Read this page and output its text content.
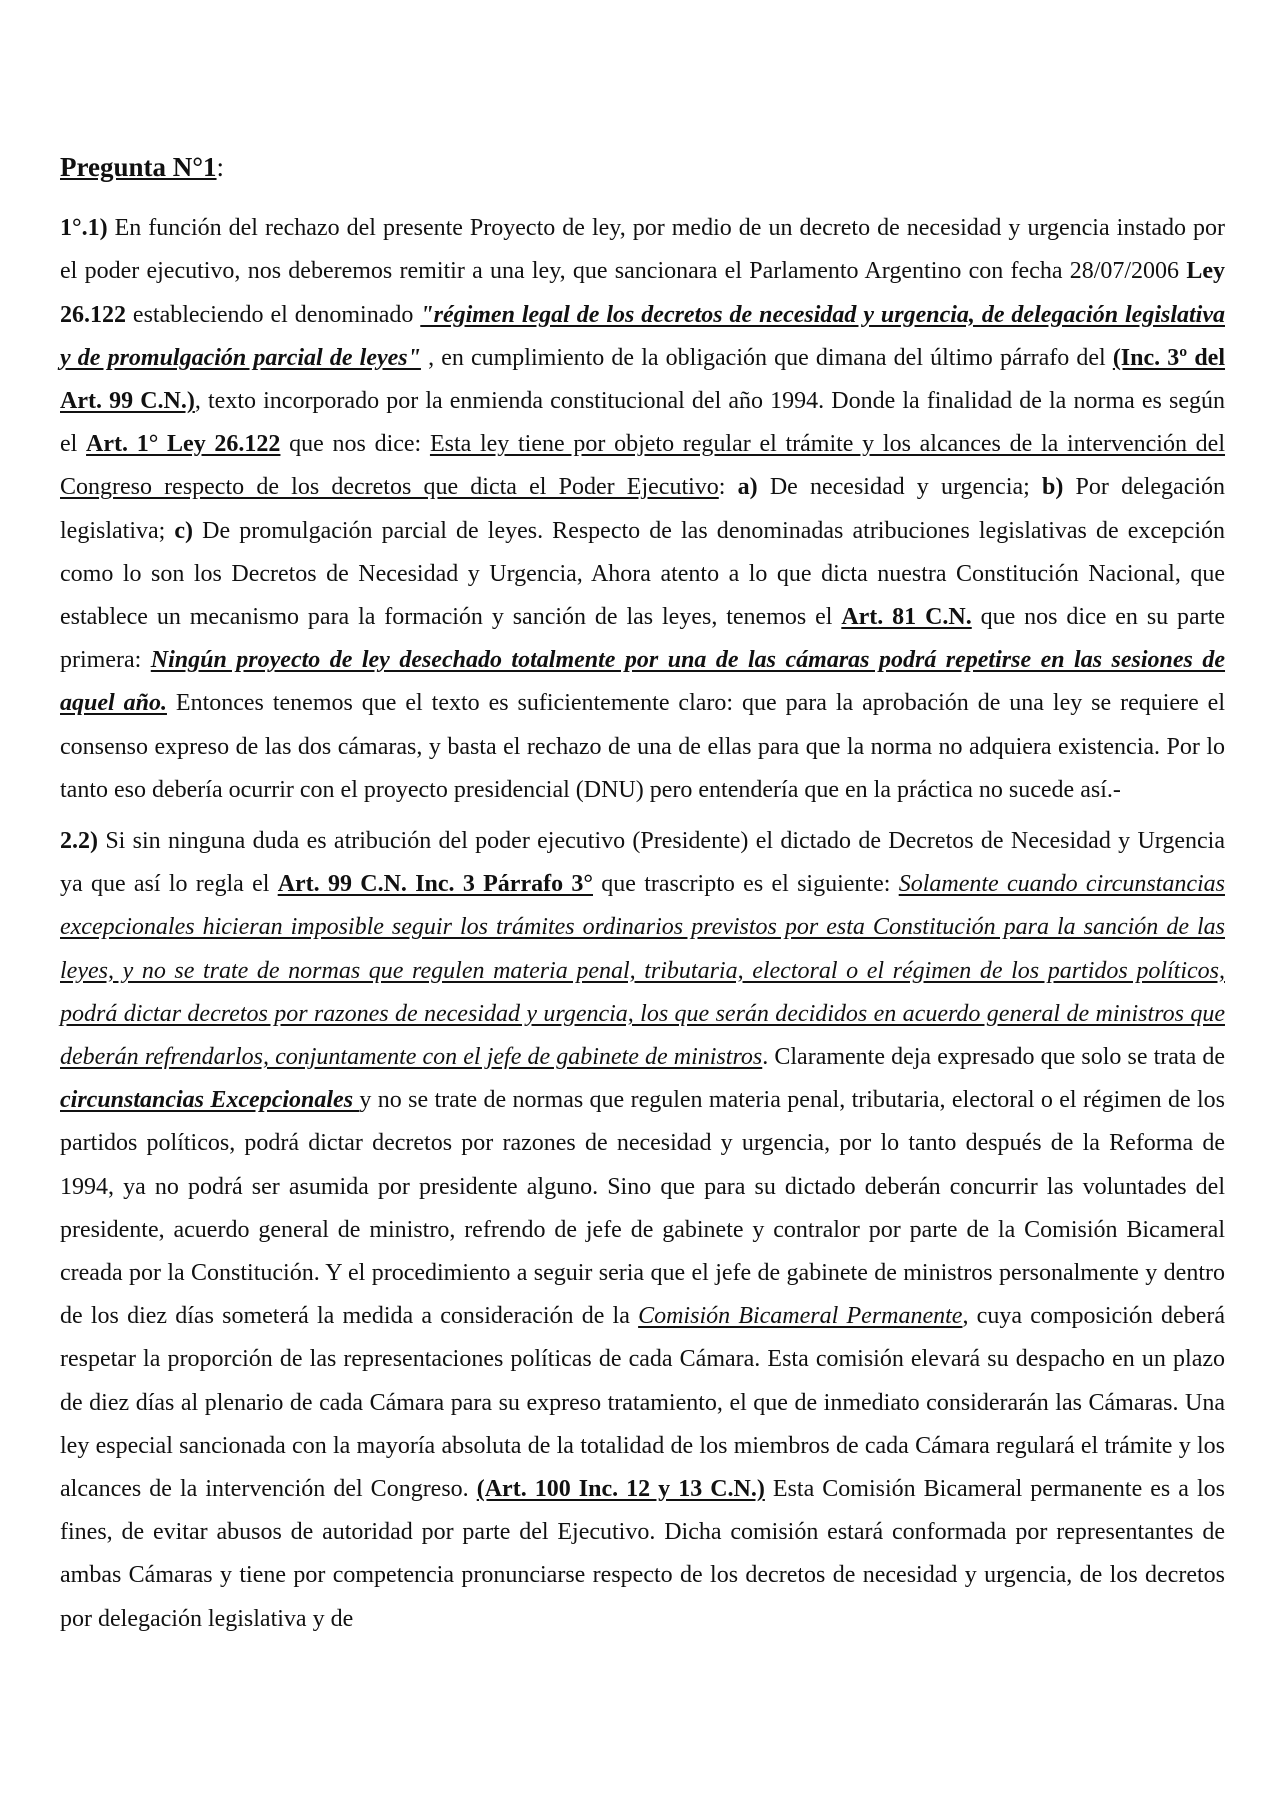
Pregunta N°1:

1°.1) En función del rechazo del presente Proyecto de ley, por medio de un decreto de necesidad y urgencia instado por el poder ejecutivo, nos deberemos remitir a una ley, que sancionara el Parlamento Argentino con fecha 28/07/2006 Ley 26.122 estableciendo el denominado "régimen legal de los decretos de necesidad y urgencia, de delegación legislativa y de promulgación parcial de leyes" , en cumplimiento de la obligación que dimana del último párrafo del (Inc. 3º del Art. 99 C.N.), texto incorporado por la enmienda constitucional del año 1994. Donde la finalidad de la norma es según el Art. 1° Ley 26.122 que nos dice: Esta ley tiene por objeto regular el trámite y los alcances de la intervención del Congreso respecto de los decretos que dicta el Poder Ejecutivo: a) De necesidad y urgencia; b) Por delegación legislativa; c) De promulgación parcial de leyes. Respecto de las denominadas atribuciones legislativas de excepción como lo son los Decretos de Necesidad y Urgencia, Ahora atento a lo que dicta nuestra Constitución Nacional, que establece un mecanismo para la formación y sanción de las leyes, tenemos el Art. 81 C.N. que nos dice en su parte primera: Ningún proyecto de ley desechado totalmente por una de las cámaras podrá repetirse en las sesiones de aquel año. Entonces tenemos que el texto es suficientemente claro: que para la aprobación de una ley se requiere el consenso expreso de las dos cámaras, y basta el rechazo de una de ellas para que la norma no adquiera existencia. Por lo tanto eso debería ocurrir con el proyecto presidencial (DNU) pero entendería que en la práctica no sucede así.-

2.2) Si sin ninguna duda es atribución del poder ejecutivo (Presidente) el dictado de Decretos de Necesidad y Urgencia ya que así lo regla el Art. 99 C.N. Inc. 3 Párrafo 3° que trascripto es el siguiente: Solamente cuando circunstancias excepcionales hicieran imposible seguir los trámites ordinarios previstos por esta Constitución para la sanción de las leyes, y no se trate de normas que regulen materia penal, tributaria, electoral o el régimen de los partidos políticos, podrá dictar decretos por razones de necesidad y urgencia, los que serán decididos en acuerdo general de ministros que deberán refrendarlos, conjuntamente con el jefe de gabinete de ministros. Claramente deja expresado que solo se trata de circunstancias Excepcionales y no se trate de normas que regulen materia penal, tributaria, electoral o el régimen de los partidos políticos, podrá dictar decretos por razones de necesidad y urgencia, por lo tanto después de la Reforma de 1994, ya no podrá ser asumida por presidente alguno. Sino que para su dictado deberán concurrir las voluntades del presidente, acuerdo general de ministro, refrendo de jefe de gabinete y contralor por parte de la Comisión Bicameral creada por la Constitución. Y el procedimiento a seguir seria que el jefe de gabinete de ministros personalmente y dentro de los diez días someterá la medida a consideración de la Comisión Bicameral Permanente, cuya composición deberá respetar la proporción de las representaciones políticas de cada Cámara. Esta comisión elevará su despacho en un plazo de diez días al plenario de cada Cámara para su expreso tratamiento, el que de inmediato considerarán las Cámaras. Una ley especial sancionada con la mayoría absoluta de la totalidad de los miembros de cada Cámara regulará el trámite y los alcances de la intervención del Congreso. (Art. 100 Inc. 12 y 13 C.N.) Esta Comisión Bicameral permanente es a los fines, de evitar abusos de autoridad por parte del Ejecutivo. Dicha comisión estará conformada por representantes de ambas Cámaras y tiene por competencia pronunciarse respecto de los decretos de necesidad y urgencia, de los decretos por delegación legislativa y de
